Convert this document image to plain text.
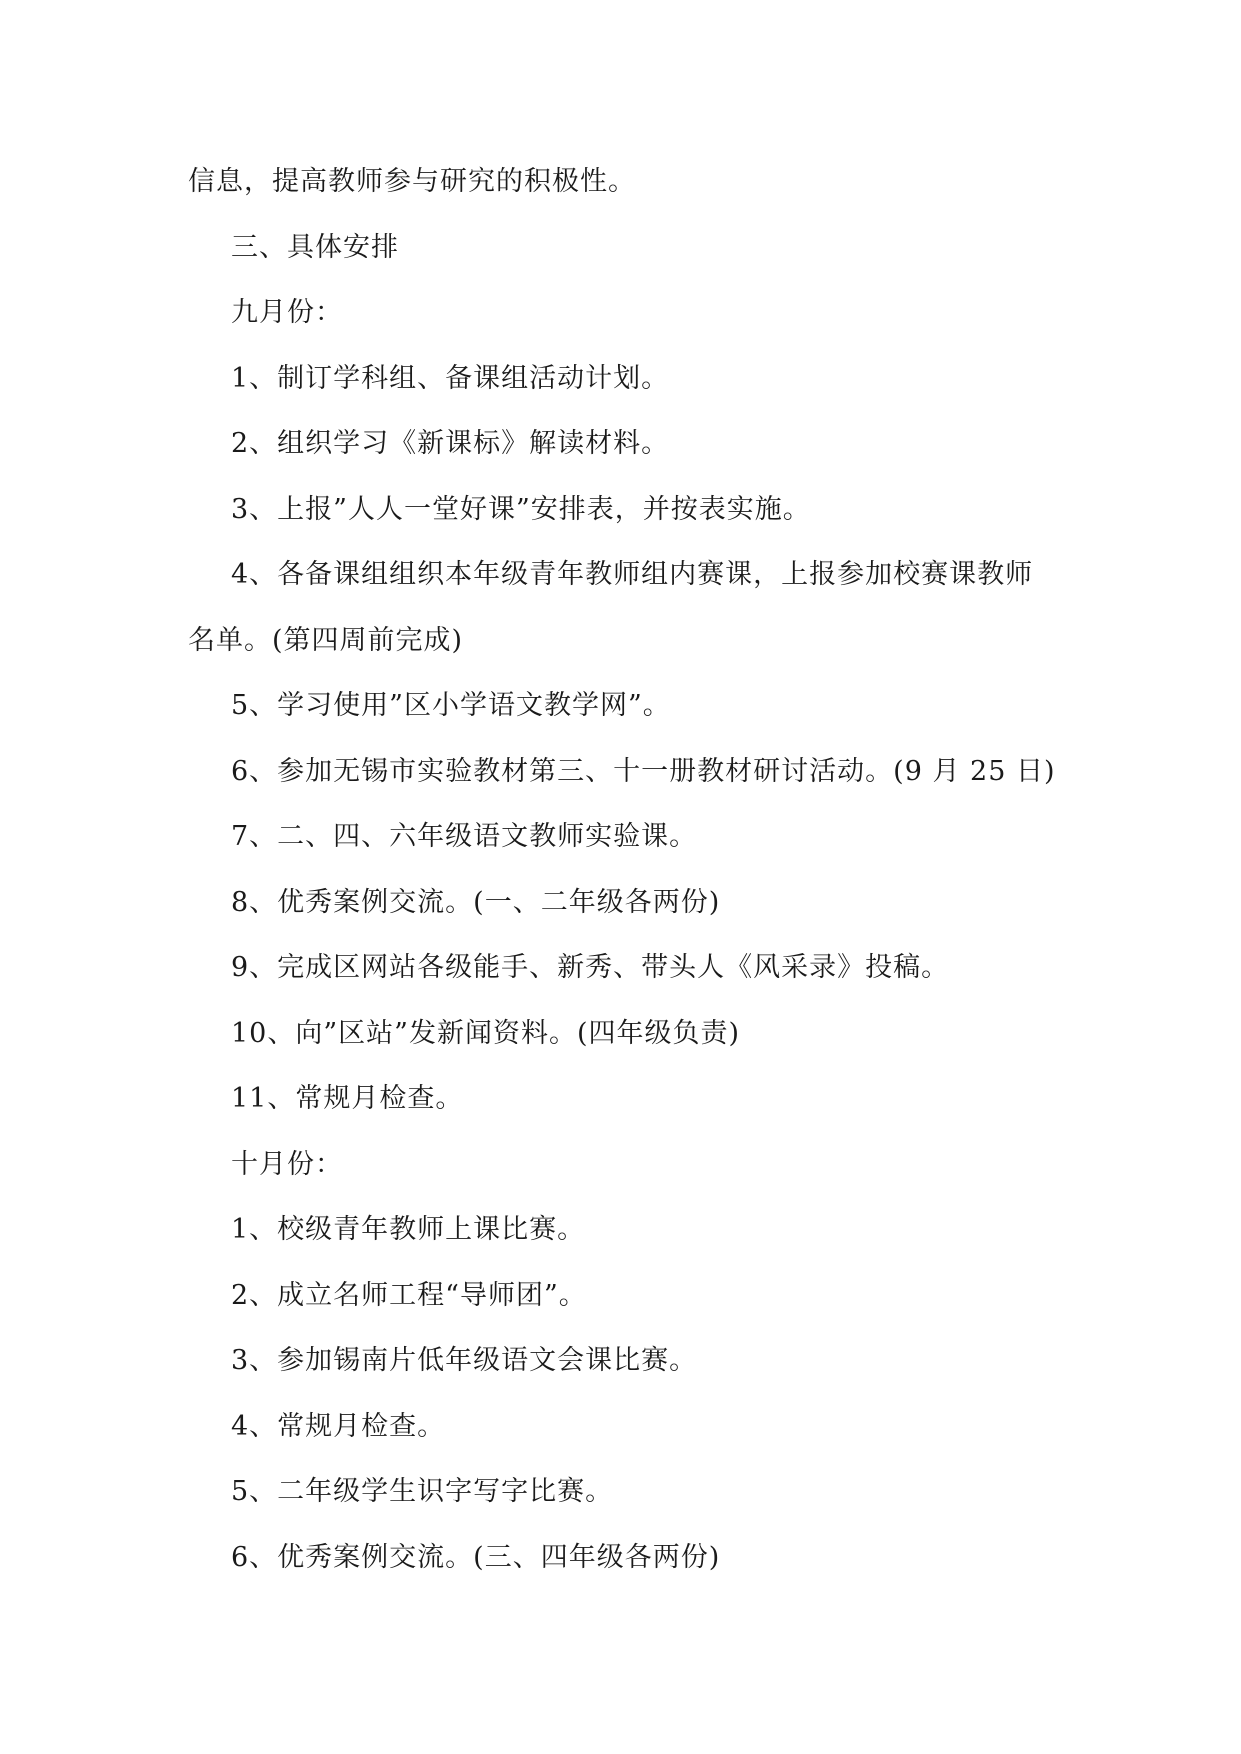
信息，提高教师参与研究的积极性。
三、具体安排
九月份：
1、制订学科组、备课组活动计划。
2、组织学习《新课标》解读材料。
3、上报”人人一堂好课”安排表，并按表实施。
4、各备课组组织本年级青年教师组内赛课，上报参加校赛课教师
名单。(第四周前完成)
5、学习使用”区小学语文教学网”。
6、参加无锡市实验教材第三、十一册教材研讨活动。(9 月 25 日)
7、二、四、六年级语文教师实验课。
8、优秀案例交流。(一、二年级各两份)
9、完成区网站各级能手、新秀、带头人《风采录》投稿。
10、向”区站”发新闻资料。(四年级负责)
11、常规月检查。
十月份：
1、校级青年教师上课比赛。
2、成立名师工程“导师团”。
3、参加锡南片低年级语文会课比赛。
4、常规月检查。
5、二年级学生识字写字比赛。
6、优秀案例交流。(三、四年级各两份)
